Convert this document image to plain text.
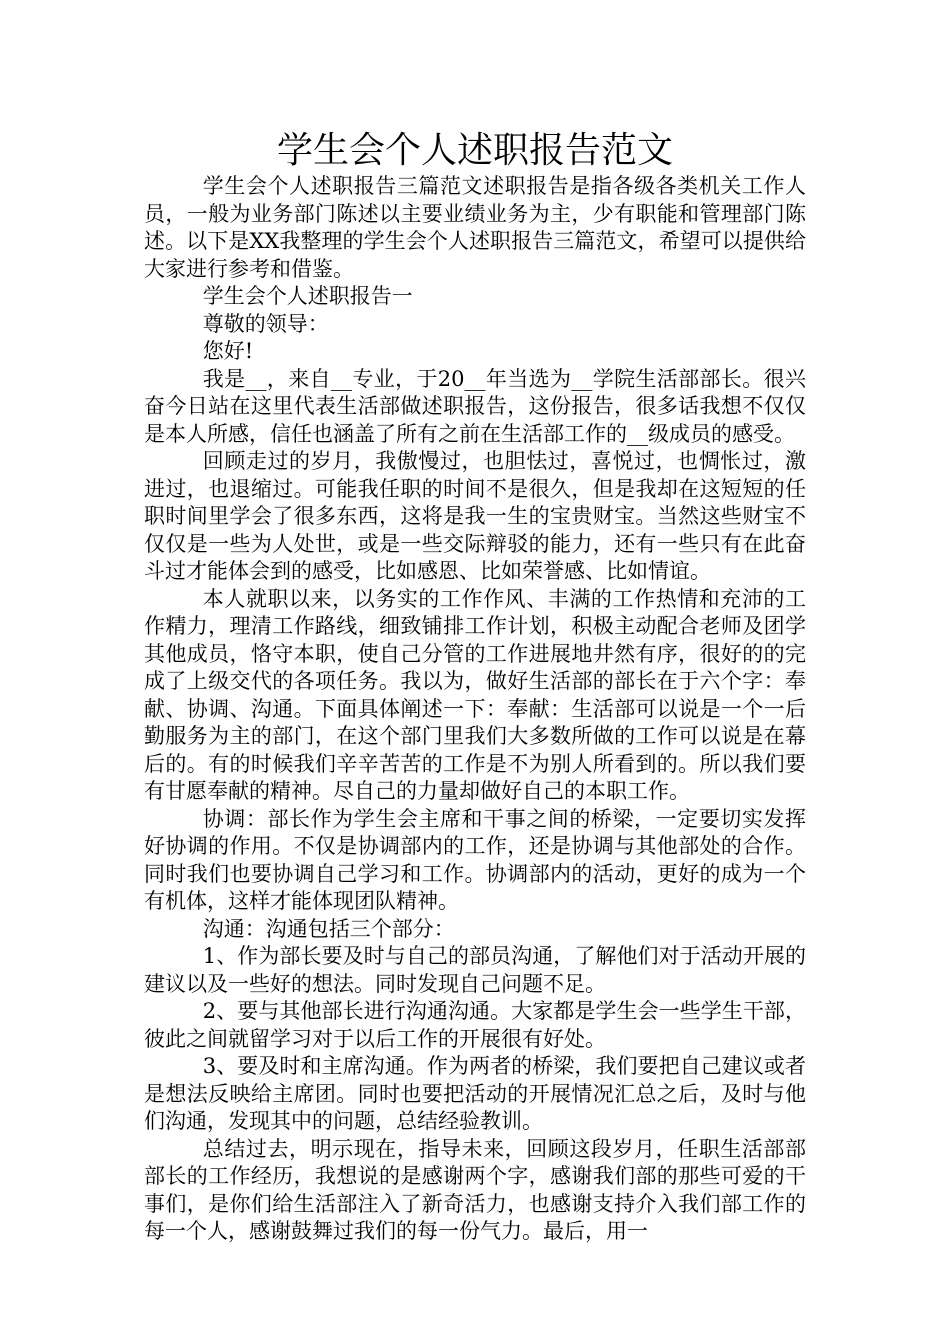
学生会个人述职报告范文

学生会个人述职报告三篇范文述职报告是指各级各类机关工作人员，一般为业务部门陈述以主要业绩业务为主，少有职能和管理部门陈述。以下是XX我整理的学生会个人述职报告三篇范文，希望可以提供给大家进行参考和借鉴。

学生会个人述职报告一

尊敬的领导：

您好!

我是__，来自__专业，于20__年当选为__学院生活部部长。很兴奋今日站在这里代表生活部做述职报告，这份报告，很多话我想不仅仅是本人所感，信任也涵盖了所有之前在生活部工作的__级成员的感受。

回顾走过的岁月，我傲慢过，也胆怯过，喜悦过，也惆怅过，激进过，也退缩过。可能我任职的时间不是很久，但是我却在这短短的任职时间里学会了很多东西，这将是我一生的宝贵财宝。当然这些财宝不仅仅是一些为人处世，或是一些交际辩驳的能力，还有一些只有在此奋斗过才能体会到的感受，比如感恩、比如荣誉感、比如情谊。

本人就职以来，以务实的工作作风、丰满的工作热情和充沛的工作精力，理清工作路线，细致铺排工作计划，积极主动配合老师及团学其他成员，恪守本职，使自己分管的工作进展地井然有序，很好的的完成了上级交代的各项任务。我以为，做好生活部的部长在于六个字：奉献、协调、沟通。下面具体阐述一下：奉献：生活部可以说是一个一后勤服务为主的部门，在这个部门里我们大多数所做的工作可以说是在幕后的。有的时候我们辛辛苦苦的工作是不为别人所看到的。所以我们要有甘愿奉献的精神。尽自己的力量却做好自己的本职工作。

协调：部长作为学生会主席和干事之间的桥梁，一定要切实发挥好协调的作用。不仅是协调部内的工作，还是协调与其他部处的合作。同时我们也要协调自己学习和工作。协调部内的活动，更好的成为一个有机体，这样才能体现团队精神。

沟通：沟通包括三个部分：

1、作为部长要及时与自己的部员沟通，了解他们对于活动开展的建议以及一些好的想法。同时发现自己问题不足。

2、要与其他部长进行沟通沟通。大家都是学生会一些学生干部，彼此之间就留学习对于以后工作的开展很有好处。

3、要及时和主席沟通。作为两者的桥梁，我们要把自己建议或者是想法反映给主席团。同时也要把活动的开展情况汇总之后，及时与他们沟通，发现其中的问题，总结经验教训。

总结过去，明示现在，指导未来，回顾这段岁月，任职生活部部部长的工作经历，我想说的是感谢两个字，感谢我们部的那些可爱的干事们，是你们给生活部注入了新奇活力，也感谢支持介入我们部工作的每一个人，感谢鼓舞过我们的每一份气力。最后，用一
